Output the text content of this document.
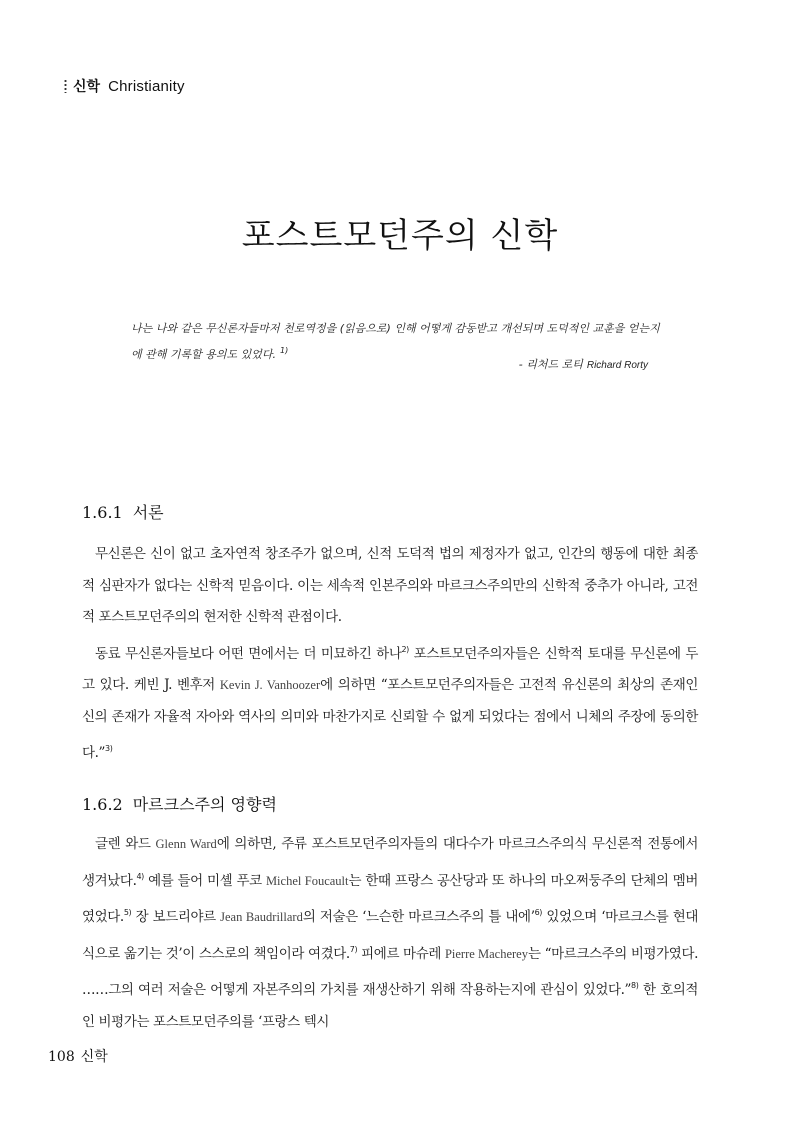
신학 Christianity
포스트모던주의 신학
나는 나와 같은 무신론자들마저 천로역정을 (읽음으로) 인해 어떻게 감동받고 개선되며 도덕적인 교훈을 얻는지 에 관해 기록할 용의도 있었다. $^{1)}$
- 리처드 로티 Richard Rorty
1.6.1 서론

무신론은 신이 없고 초자연적 창조주가 없으며, 신적 도덕적 법의 제정자가 없고, 인간의 행동에 대한 최종적 심판자가 없다는 신학적 믿음이다. 이는 세속적 인본주의와 마르크스주의만의 신학적 중추가 아니라, 고전적 포스트모던주의의 현저한 신학적 관점이다.

동료 무신론자들보다 어떤 면에서는 더 미묘하긴 하나$^{2)}$ 포스트모던주의자들은 신학적 토대를 무신론에 두고 있다. 케빈 J. 벤후저 Kevin J. Vanhoozer에 의하면 “포스트모던주의자들은 고전적 유신론의 최상의 존재인 신의 존재가 자율적 자아와 역사의 의미와 마찬가지로 신뢰할 수 없게 되었다는 점에서 니체의 주장에 동의한다.”$^{3)}$

1.6.2 마르크스주의 영향력

글렌 와드 Glenn Ward에 의하면, 주류 포스트모던주의자들의 대다수가 마르크스주의식 무신론적 전통에서 생겨났다.$^{4)}$ 예를 들어 미셸 푸코 Michel Foucault는 한때 프랑스 공산당과 또 하나의 마오쩌둥주의 단체의 멤버였었다.$^{5)}$ 장 보드리야르 Jean Baudrillard의 저술은 ‘느슨한 마르크스주의 틀 내에’$^{6)}$ 있었으며 ‘마르크스를 현대식으로 옮기는 것’이 스스로의 책임이라 여겼다.$^{7)}$ 피에르 마슈레 Pierre Macherey는 “마르크스주의 비평가였다. ……그의 여러 저술은 어떻게 자본주의의 가치를 재생산하기 위해 작용하는지에 관심이 있었다.”$^{8)}$ 한 호의적인 비평가는 포스트모던주의를 ‘프랑스 텍시

108 신학
